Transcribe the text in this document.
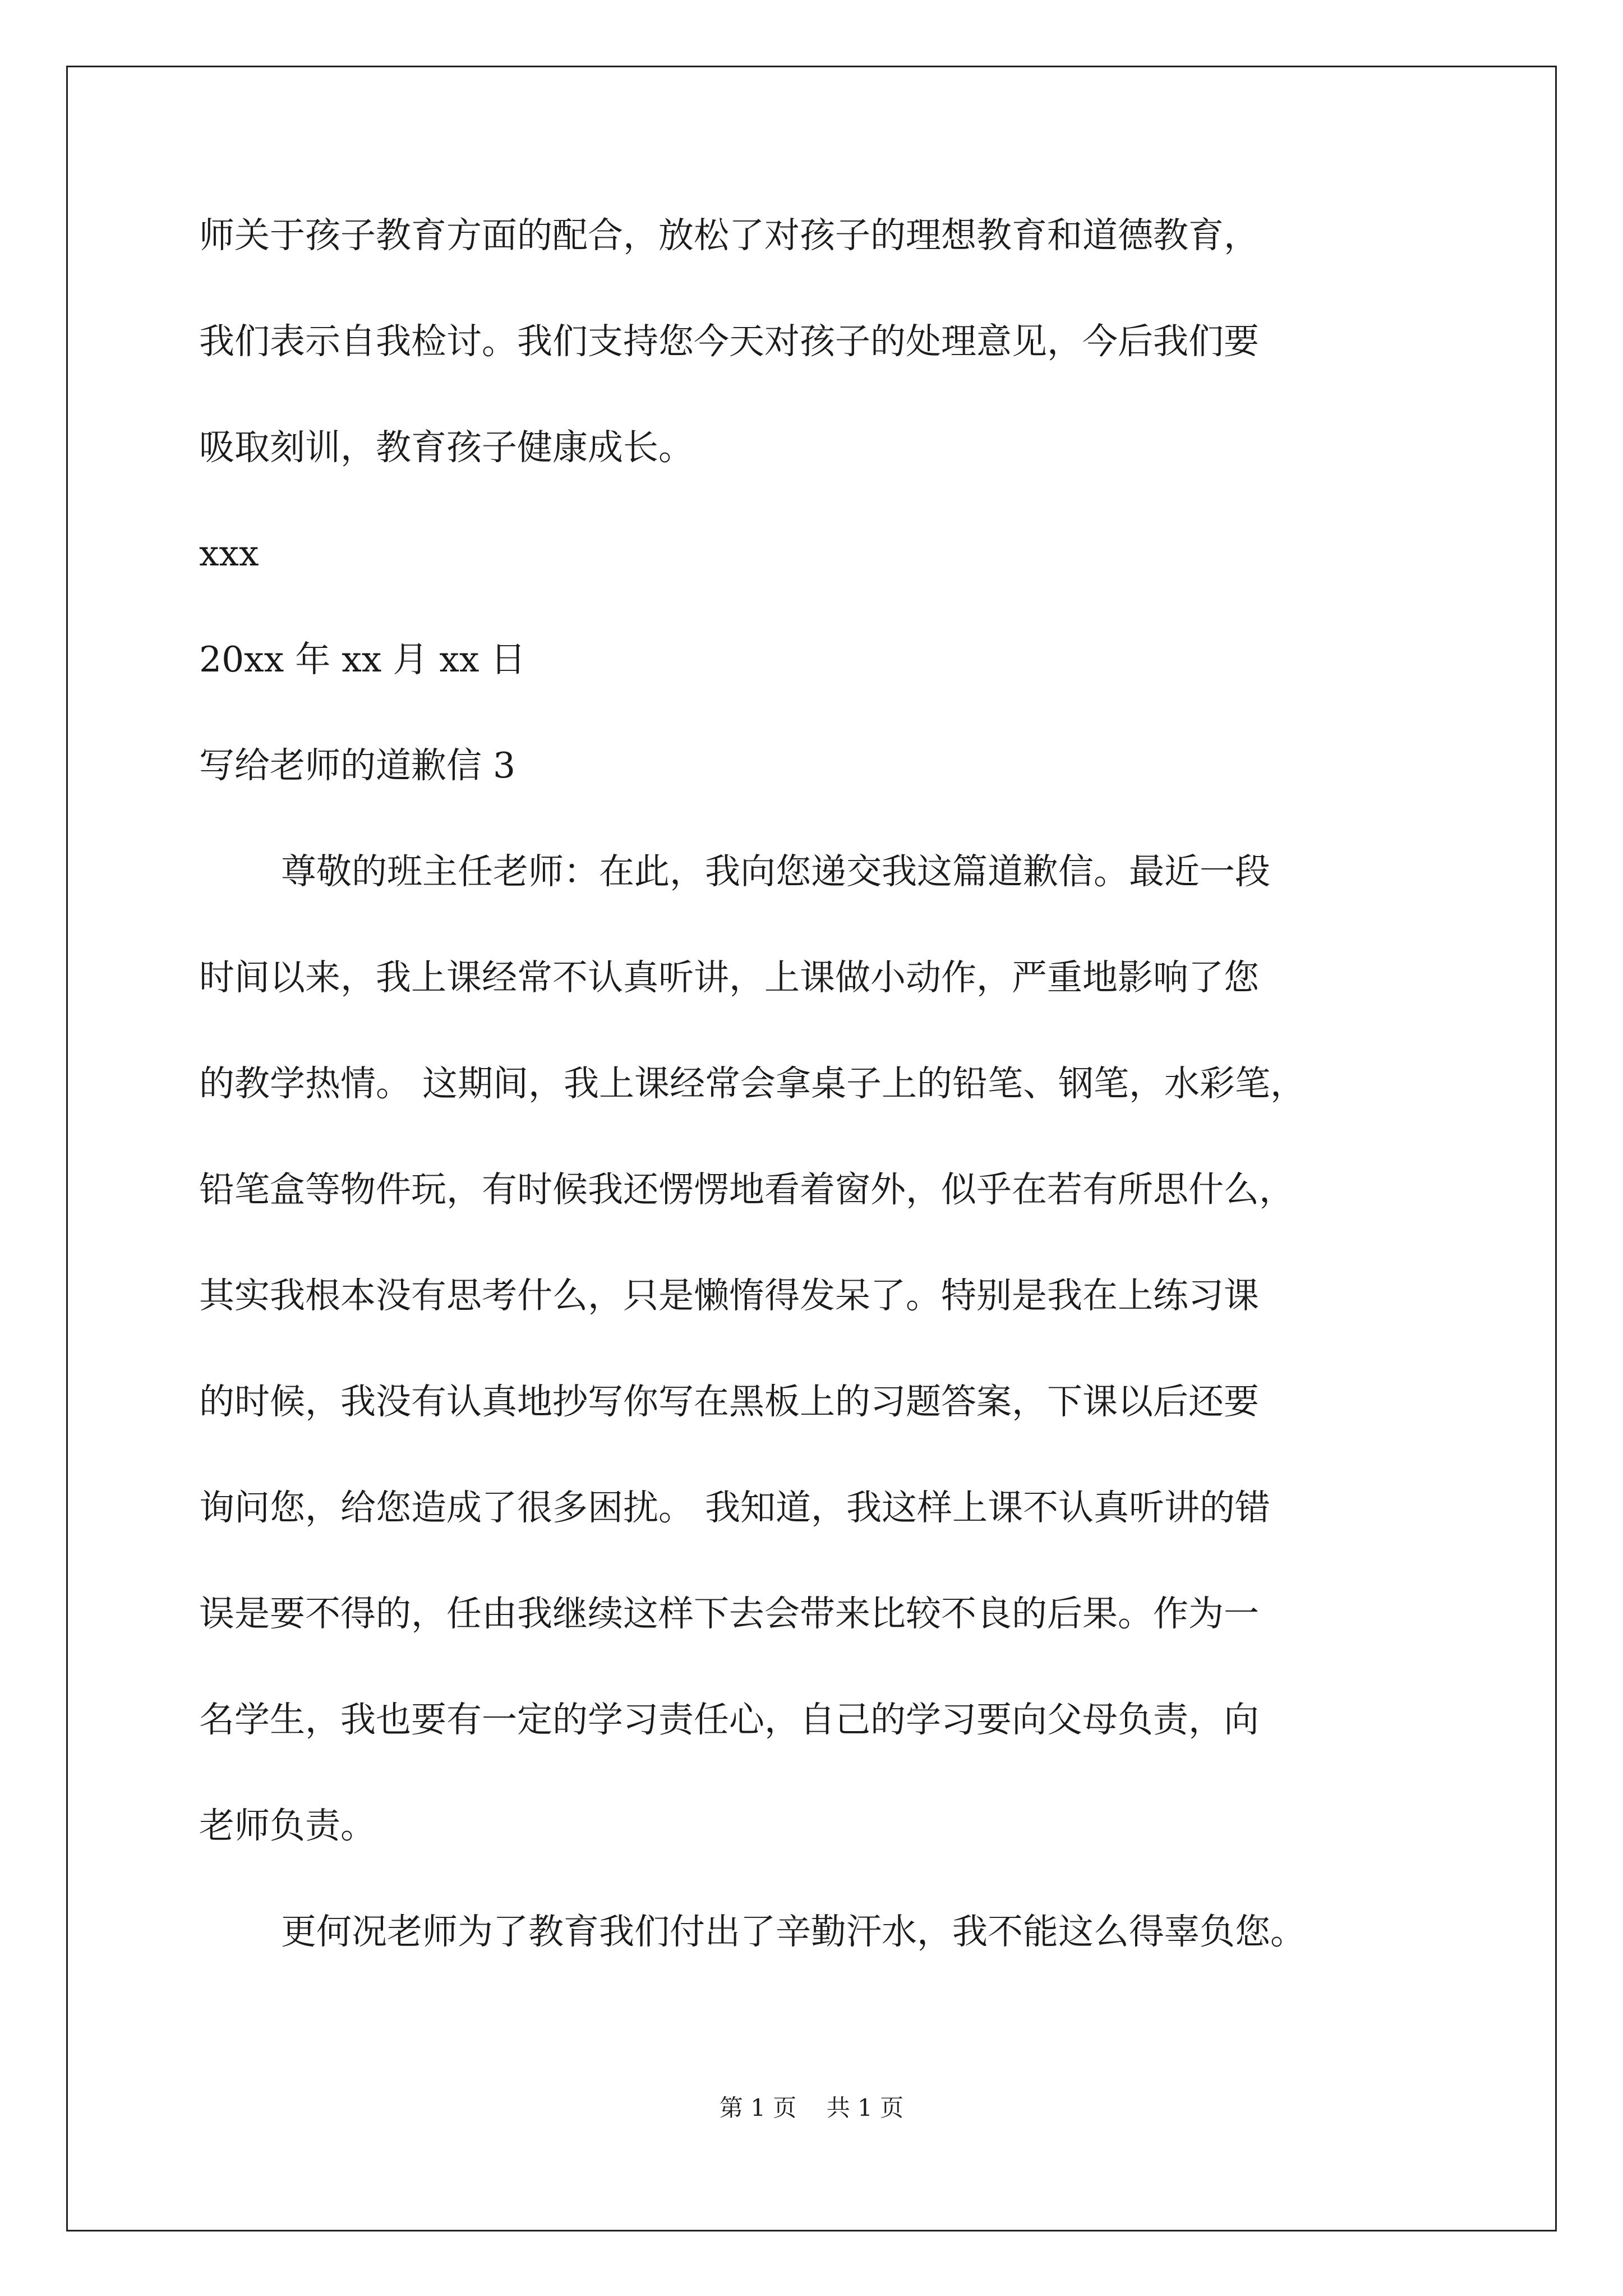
师关于孩子教育方面的配合，放松了对孩子的理想教育和道德教育，
我们表示自我检讨。我们支持您今天对孩子的处理意见，今后我们要
吸取刻训，教育孩子健康成长。
xxx
20xx 年 xx 月 xx 日
写给老师的道歉信 3
尊敬的班主任老师：在此，我向您递交我这篇道歉信。最近一段
时间以来，我上课经常不认真听讲，上课做小动作，严重地影响了您
的教学热情。 这期间，我上课经常会拿桌子上的铅笔、钢笔，水彩笔，
铅笔盒等物件玩，有时候我还愣愣地看着窗外，似乎在若有所思什么，
其实我根本没有思考什么，只是懒惰得发呆了。特别是我在上练习课
的时候，我没有认真地抄写你写在黑板上的习题答案，下课以后还要
询问您，给您造成了很多困扰。 我知道，我这样上课不认真听讲的错
误是要不得的，任由我继续这样下去会带来比较不良的后果。作为一
名学生，我也要有一定的学习责任心，自己的学习要向父母负责，向
老师负责。
更何况老师为了教育我们付出了辛勤汗水，我不能这么得辜负您。
第 1 页    共 1 页
